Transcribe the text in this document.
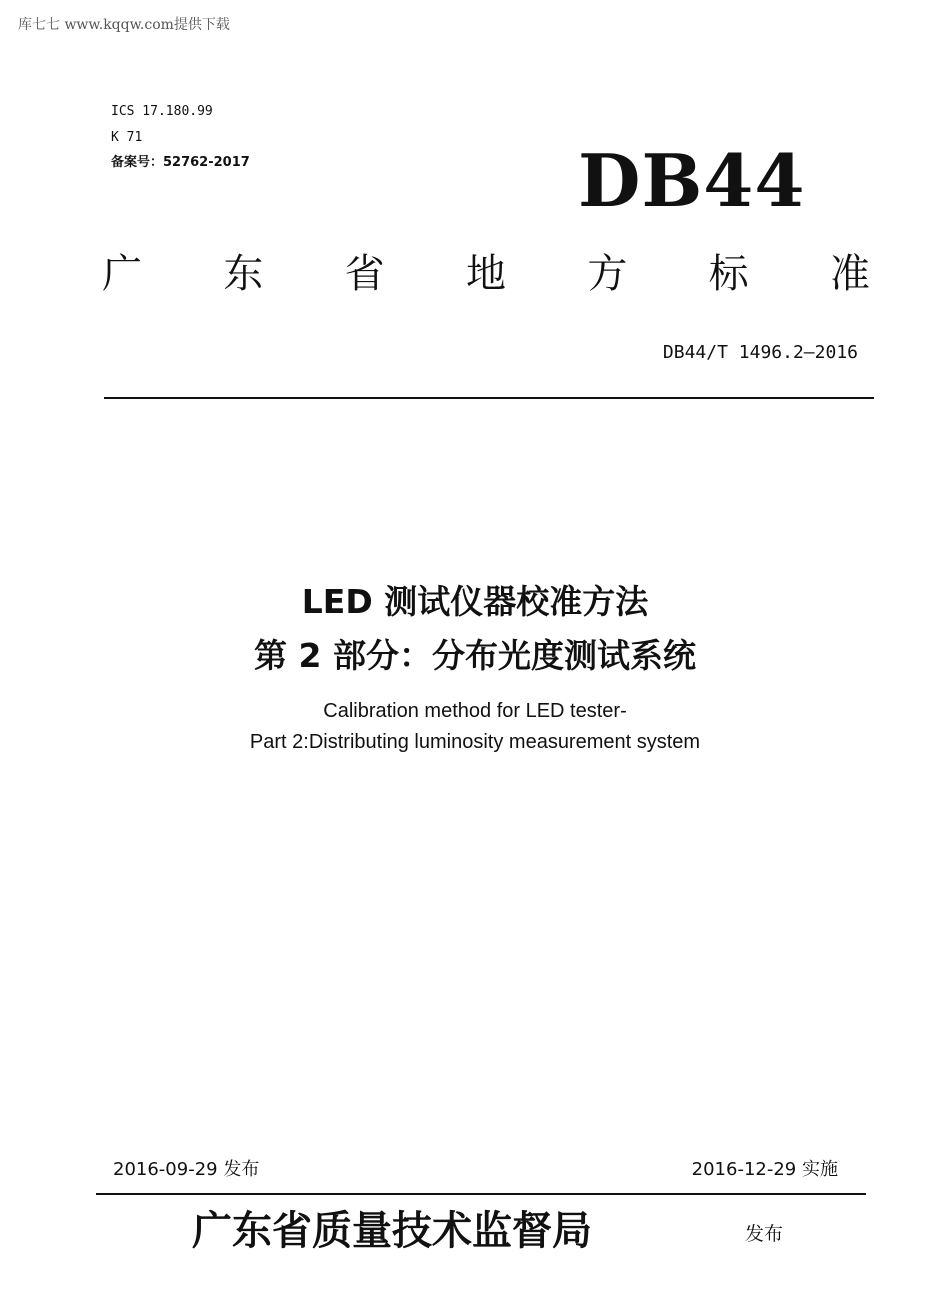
库七七 www.kqqw.com提供下载
ICS 17.180.99
K 71
备案号：52762-2017	DB44
广 东 省 地 方 标 准
DB44/T 1496.2—2016
LED 测试仪器校准方法
第 2 部分：分布光度测试系统
Calibration method for LED tester-
Part 2:Distributing luminosity measurement system
2016-09-29 发布	2016-12-29 实施
广东省质量技术监督局	发布
